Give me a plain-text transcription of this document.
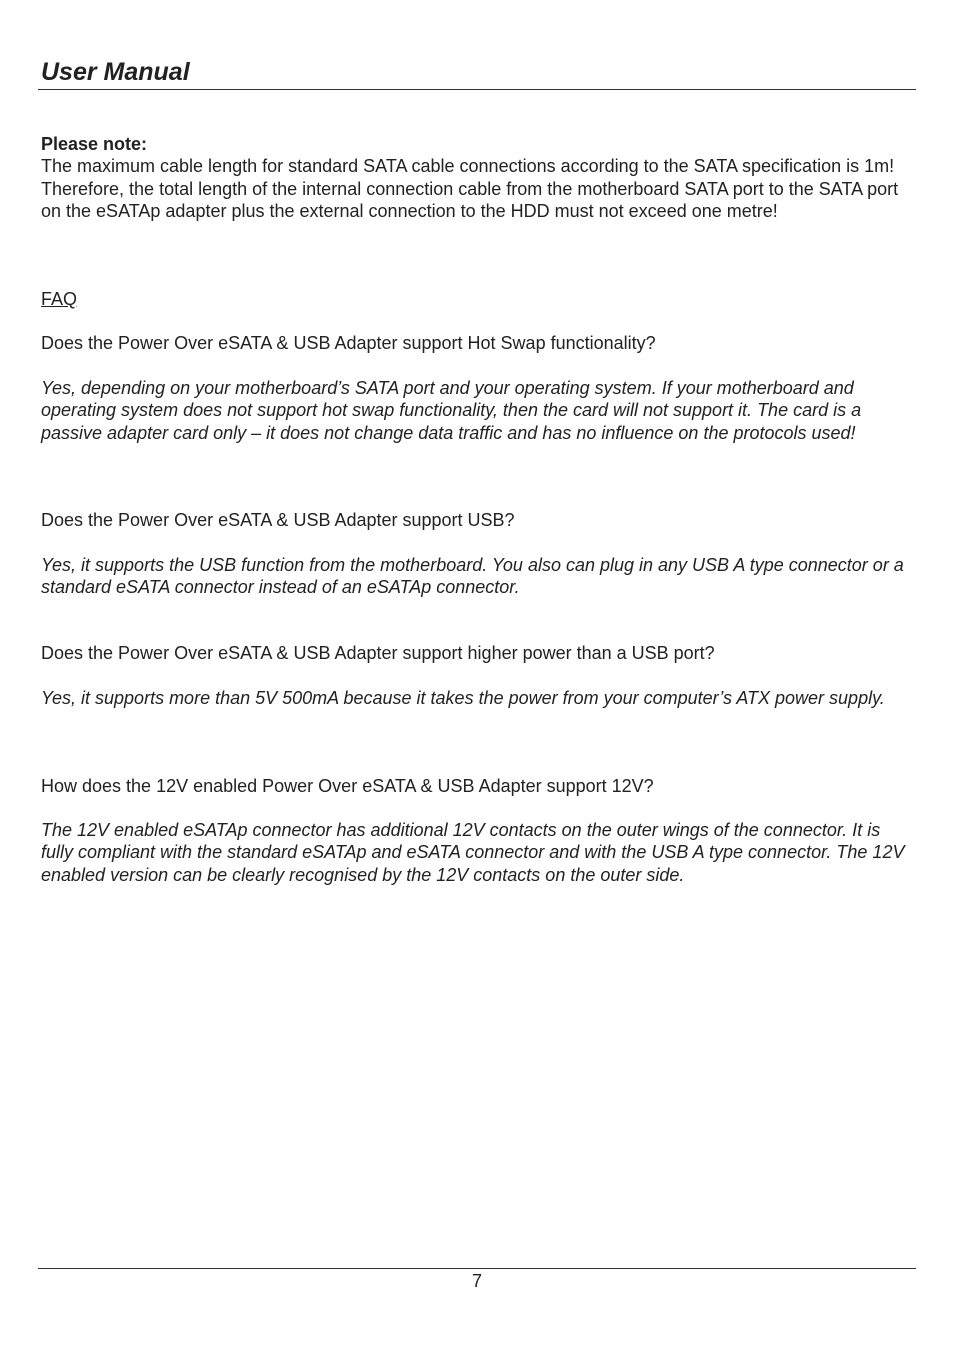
User Manual
Please note:
The maximum cable length for standard SATA cable connections according to the SATA specification is 1m! Therefore, the total length of the internal connection cable from the motherboard SATA port to the SATA port on the eSATAp adapter plus the external connection to the HDD must not exceed one metre!
FAQ
Does the Power Over eSATA & USB Adapter support Hot Swap functionality?
Yes, depending on your motherboard’s SATA port and your operating system. If your motherboard and operating system does not support hot swap functionality, then the card will not support it. The card is a passive adapter card only – it does not change data traffic and has no influence on the protocols used!
Does the Power Over eSATA & USB Adapter support USB?
Yes, it supports the USB function from the motherboard. You also can plug in any USB A type connector or a standard eSATA connector instead of an eSATAp connector.
Does the Power Over eSATA & USB Adapter support higher power than a USB port?
Yes, it supports more than 5V 500mA because it takes the power from your computer’s ATX power supply.
How does the 12V enabled Power Over eSATA & USB Adapter support 12V?
The 12V enabled eSATAp connector has additional 12V contacts on the outer wings of the connector. It is fully compliant with the standard eSATAp and eSATA connector and with the USB A type connector. The 12V enabled version can be clearly recognised by the 12V contacts on the outer side.
7
